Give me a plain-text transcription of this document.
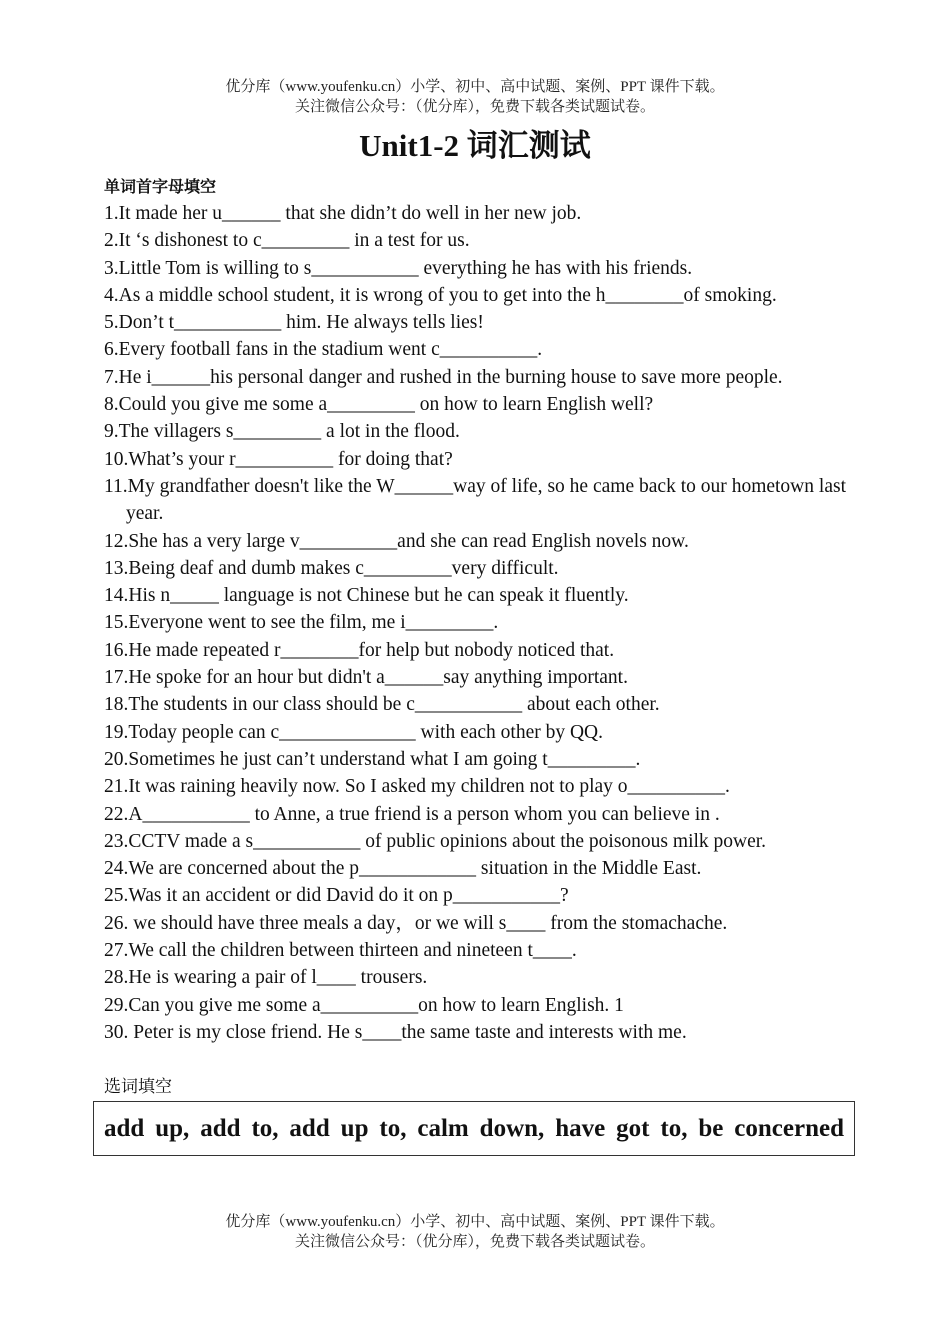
优分库（www.youfenku.cn）小学、初中、高中试题、案例、PPT 课件下载。
关注微信公众号：（优分库），免费下载各类试题试卷。
Unit1-2 词汇测试
单词首字母填空

1.It made her u______ that she didn’t do well in her new job.

2.It ‘s dishonest to c_________ in a test for us.

3.Little Tom is willing to s___________ everything he has with his friends.

4.As a middle school student, it is wrong of you to get into the h________of smoking.

5.Don’t t___________ him. He always tells lies!

6.Every football fans in the stadium went c__________.

7.He i______his personal danger and rushed in the burning house to save more people.

8.Could you give me some a_________ on how to learn English well?

9.The villagers s_________ a lot in the flood.

10.What’s your r__________ for doing that?

11.My grandfather doesn't like the W______way of life, so he came back to our hometown last year.

12.She has a very large v__________and she can read English novels now.

13.Being deaf and dumb makes c_________very difficult.

14.His n_____ language is not Chinese but he can speak it fluently.

15.Everyone went to see the film, me i_________.

16.He made repeated r________for help but nobody noticed that.

17.He spoke for an hour but didn't a______say anything important.

18.The students in our class should be c___________ about each other.

19.Today people can c______________ with each other by QQ.

20.Sometimes he just can’t understand what I am going t_________.

21.It was raining heavily now. So I asked my children not to play o__________.

22.A___________ to Anne, a true friend is a person whom you can believe in .

23.CCTV made a s___________ of public opinions about the poisonous milk power.

24.We are concerned about the p____________ situation in the Middle East.

25.Was it an accident or did David do it on p___________?

26. we should have three meals a day，or we will s____ from the stomachache.

27.We call the children between thirteen and nineteen t____.

28.He is wearing a pair of l____ trousers.

29.Can you give me some a__________on how to learn English. 1

30. Peter is my close friend. He s____the same taste and interests with me.

选词填空
add up, add to, add up to, calm down, have got to, be concerned
优分库（www.youfenku.cn）小学、初中、高中试题、案例、PPT 课件下载。
关注微信公众号：（优分库），免费下载各类试题试卷。
